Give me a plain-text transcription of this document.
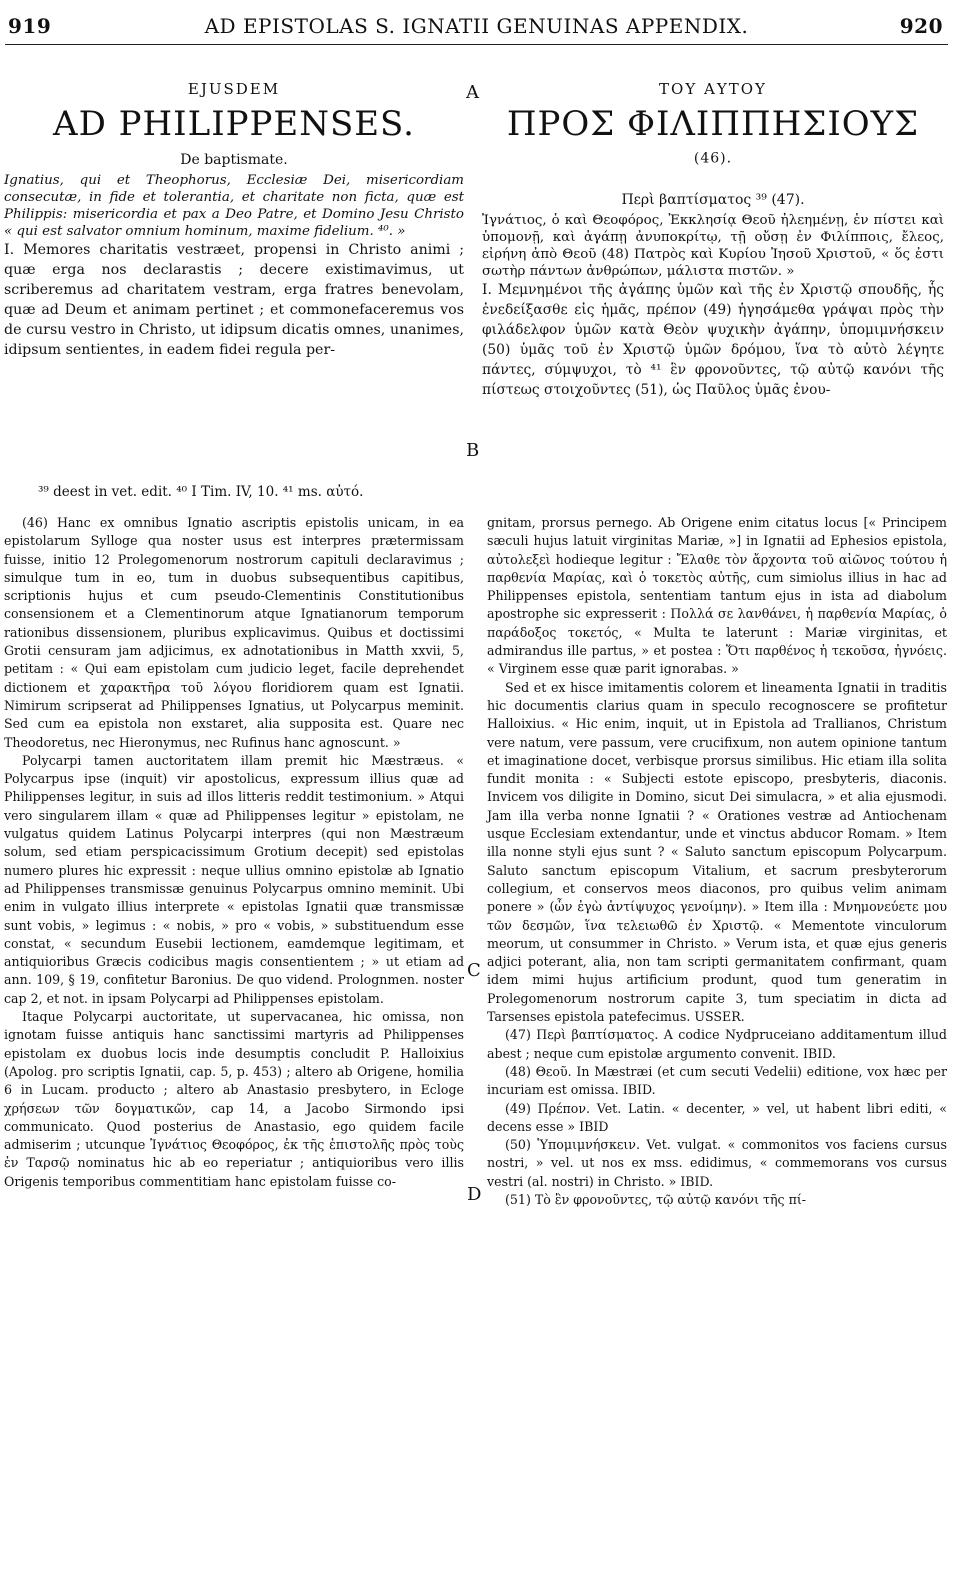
919	AD EPISTOLAS S. IGNATII GENUINAS APPENDIX.	920
A
B
C
D
EJUSDEM
AD PHILIPPENSES.
De baptismate.

Ignatius, qui et Theophorus, Ecclesiæ Dei, misericordiam consecutæ, in fide et tolerantia, et charitate non ficta, quæ est Philippis: misericordia et pax a Deo Patre, et Domino Jesu Christo « qui est salvator omnium hominum, maxime fidelium. ⁴⁰. »

I. Memores charitatis vestræet, propensi in Christo animi ; quæ erga nos declarastis ; decere existimavimus, ut scriberemus ad charitatem vestram, erga fratres benevolam, quæ ad Deum et animam pertinet ; et commonefaceremus vos de cursu vestro in Christo, ut idipsum dicatis omnes, unanimes, idipsum sentientes, in eadem fidei regula per-

ΤΟΥ ΑΥΤΟΥ
ΠΡΟΣ ΦΙΛΙΠΠΗΣΙΟΥΣ $^{(46).}$
Περὶ βαπτίσματος ³⁹ (47).

Ἰγνάτιος, ὁ καὶ Θεοφόρος, Ἐκκλησίᾳ Θεοῦ ἠλεημένῃ, ἐν πίστει καὶ ὑπομονῇ, καὶ ἀγάπῃ ἀνυποκρίτῳ, τῇ οὔσῃ ἐν Φιλίπποις, ἔλεος, εἰρήνη ἀπὸ Θεοῦ (48) Πατρὸς καὶ Κυρίου Ἰησοῦ Χριστοῦ, « ὅς ἐστι σωτὴρ πάντων ἀνθρώπων, μάλιστα πιστῶν. »

I. Μεμνημένοι τῆς ἀγάπης ὑμῶν καὶ τῆς ἐν Χριστῷ σπουδῆς, ἧς ἐνεδείξασθε εἰς ἡμᾶς, πρέπον (49) ἡγησάμεθα γράψαι πρὸς τὴν φιλάδελφον ὑμῶν κατὰ Θεὸν ψυχικὴν ἀγάπην, ὑπομιμνήσκειν (50) ὑμᾶς τοῦ ἐν Χριστῷ ὑμῶν δρόμου, ἵνα τὸ αὐτὸ λέγητε πάντες, σύμψυχοι, τὸ ⁴¹ ἓν φρονοῦντες, τῷ αὐτῷ κανόνι τῆς πίστεως στοιχοῦντες (51), ὡς Παῦλος ὑμᾶς ἐνου-

³⁹ deest in vet. edit. ⁴⁰ I Tim. IV, 10. ⁴¹ ms. αὐτό.

(46) Hanc ex omnibus Ignatio ascriptis epistolis unicam, in ea epistolarum Sylloge qua noster usus est interpres prætermissam fuisse, initio 12 Prolegomenorum nostrorum capituli declaravimus ; simulque tum in eo, tum in duobus subsequentibus capitibus, scriptionis hujus et cum pseudo-Clementinis Constitutionibus consensionem et a Clementinorum atque Ignatianorum temporum rationibus dissensionem, pluribus explicavimus. Quibus et doctissimi Grotii censuram jam adjicimus, ex adnotationibus in Matth xxvii, 5, petitam : « Qui eam epistolam cum judicio leget, facile deprehendet dictionem et χαρακτῆρα τοῦ λόγου floridiorem quam est Ignatii. Nimirum scripserat ad Philippenses Ignatius, ut Polycarpus meminit. Sed cum ea epistola non exstaret, alia supposita est. Quare nec Theodoretus, nec Hieronymus, nec Rufinus hanc agnoscunt. »

Polycarpi tamen auctoritatem illam premit hic Mæstræus. « Polycarpus ipse (inquit) vir apostolicus, expressum illius quæ ad Philippenses legitur, in suis ad illos litteris reddit testimonium. » Atqui vero singularem illam « quæ ad Philippenses legitur » epistolam, ne vulgatus quidem Latinus Polycarpi interpres (qui non Mæstræum solum, sed etiam perspicacissimum Grotium decepit) sed epistolas numero plures hic expressit : neque ullius omnino epistolæ ab Ignatio ad Philippenses transmissæ genuinus Polycarpus omnino meminit. Ubi enim in vulgato illius interprete « epistolas Ignatii quæ transmissæ sunt vobis, » legimus : « nobis, » pro « vobis, » substituendum esse constat, « secundum Eusebii lectionem, eamdemque legitimam, et antiquioribus Græcis codicibus magis consentientem ; » ut etiam ad ann. 109, § 19, confitetur Baronius. De quo vidend. Prolognmen. noster cap 2, et not. in ipsam Polycarpi ad Philippenses epistolam.

Itaque Polycarpi auctoritate, ut supervacanea, hic omissa, non ignotam fuisse antiquis hanc sanctissimi martyris ad Philippenses epistolam ex duobus locis inde desumptis concludit P. Halloixius (Apolog. pro scriptis Ignatii, cap. 5, p. 453) ; altero ab Origene, homilia 6 in Lucam. producto ; altero ab Anastasio presbytero, in Ecloge χρήσεων τῶν δογματικῶν, cap 14, a Jacobo Sirmondo ipsi communicato. Quod posterius de Anastasio, ego quidem facile admiserim ; utcunque Ἰγνάτιος Θεοφόρος, ἐκ τῆς ἐπιστολῆς πρὸς τοὺς ἐν Ταρσῷ nominatus hic ab eo reperiatur ; antiquioribus vero illis Origenis temporibus commentitiam hanc epistolam fuisse co-

gnitam, prorsus pernego. Ab Origene enim citatus locus [« Principem sæculi hujus latuit virginitas Mariæ, »] in Ignatii ad Ephesios epistola, αὐτολεξεὶ hodieque legitur : Ἔλαθε τὸν ἄρχοντα τοῦ αἰῶνος τούτου ἡ παρθενία Μαρίας, καὶ ὁ τοκετὸς αὐτῆς, cum simiolus illius in hac ad Philippenses epistola, sententiam tantum ejus in ista ad diabolum apostrophe sic expresserit : Πολλά σε λανθάνει, ἡ παρθενία Μαρίας, ὁ παράδοξος τοκετός, « Multa te laterunt : Mariæ virginitas, et admirandus ille partus, » et postea : Ὅτι παρθένος ἡ τεκοῦσα, ἠγνόεις. « Virginem esse quæ parit ignorabas. »

Sed et ex hisce imitamentis colorem et lineamenta Ignatii in traditis hic documentis clarius quam in speculo recognoscere se profitetur Halloixius. « Hic enim, inquit, ut in Epistola ad Trallianos, Christum vere natum, vere passum, vere crucifixum, non autem opinione tantum et imaginatione docet, verbisque prorsus similibus. Hic etiam illa solita fundit monita : « Subjecti estote episcopo, presbyteris, diaconis. Invicem vos diligite in Domino, sicut Dei simulacra, » et alia ejusmodi. Jam illa verba nonne Ignatii ? « Orationes vestræ ad Antiochenam usque Ecclesiam extendantur, unde et vinctus abducor Romam. » Item illa nonne styli ejus sunt ? « Saluto sanctum episcopum Polycarpum. Saluto sanctum episcopum Vitalium, et sacrum presbyterorum collegium, et conservos meos diaconos, pro quibus velim animam ponere » (ὧν ἐγὼ ἀντίψυχος γενοίμην). » Item illa : Μνημονεύετε μου τῶν δεσμῶν, ἵνα τελειωθῶ ἐν Χριστῷ. « Mementote vinculorum meorum, ut consummer in Christo. » Verum ista, et quæ ejus generis adjici poterant, alia, non tam scripti germanitatem confirmant, quam idem mimi hujus artificium produnt, quod tum generatim in Prolegomenorum nostrorum capite 3, tum speciatim in dicta ad Tarsenses epistola patefecimus. USSER.

(47) Περὶ βαπτίσματος. A codice Nydpruceiano additamentum illud abest ; neque cum epistolæ argumento convenit. IBID.

(48) Θεοῦ. In Mæstræi (et cum secuti Vedelii) editione, vox hæc per incuriam est omissa. IBID.

(49) Πρέπον. Vet. Latin. « decenter, » vel, ut habent libri editi, « decens esse » IBID

(50) Ὑπομιμνήσκειν. Vet. vulgat. « commonitos vos faciens cursus nostri, » vel. ut nos ex mss. edidimus, « commemorans vos cursus vestri (al. nostri) in Christo. » IBID.

(51) Τὸ ἓν φρονοῦντες, τῷ αὐτῷ κανόνι τῆς πί-
